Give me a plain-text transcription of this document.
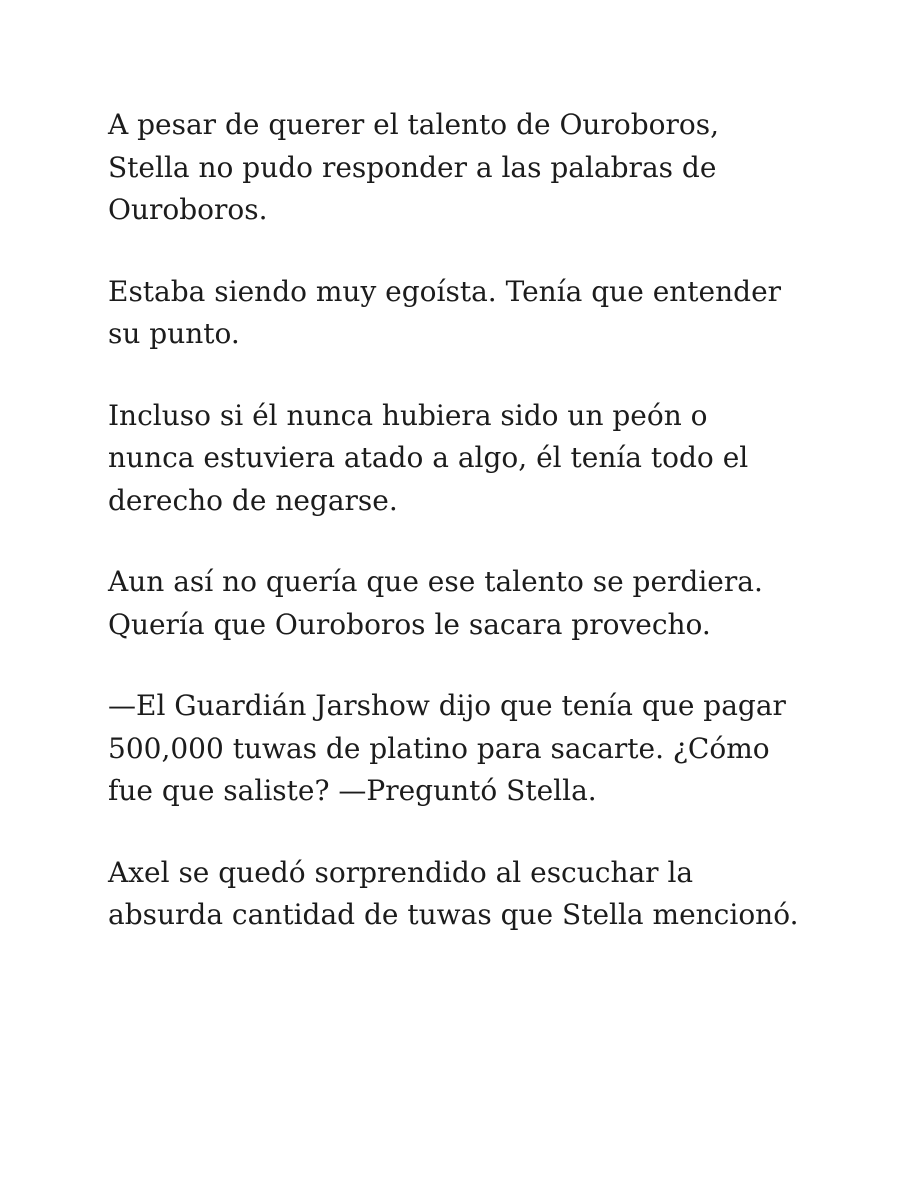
A pesar de querer el talento de Ouroboros,
Stella no pudo responder a las palabras de
Ouroboros.

Estaba siendo muy egoísta. Tenía que entender
su punto.

Incluso si él nunca hubiera sido un peón o
nunca estuviera atado a algo, él tenía todo el
derecho de negarse.

Aun así no quería que ese talento se perdiera.
Quería que Ouroboros le sacara provecho.

—El Guardián Jarshow dijo que tenía que pagar
500,000 tuwas de platino para sacarte. ¿Cómo
fue que saliste? —Preguntó Stella.

Axel se quedó sorprendido al escuchar la
absurda cantidad de tuwas que Stella mencionó.
